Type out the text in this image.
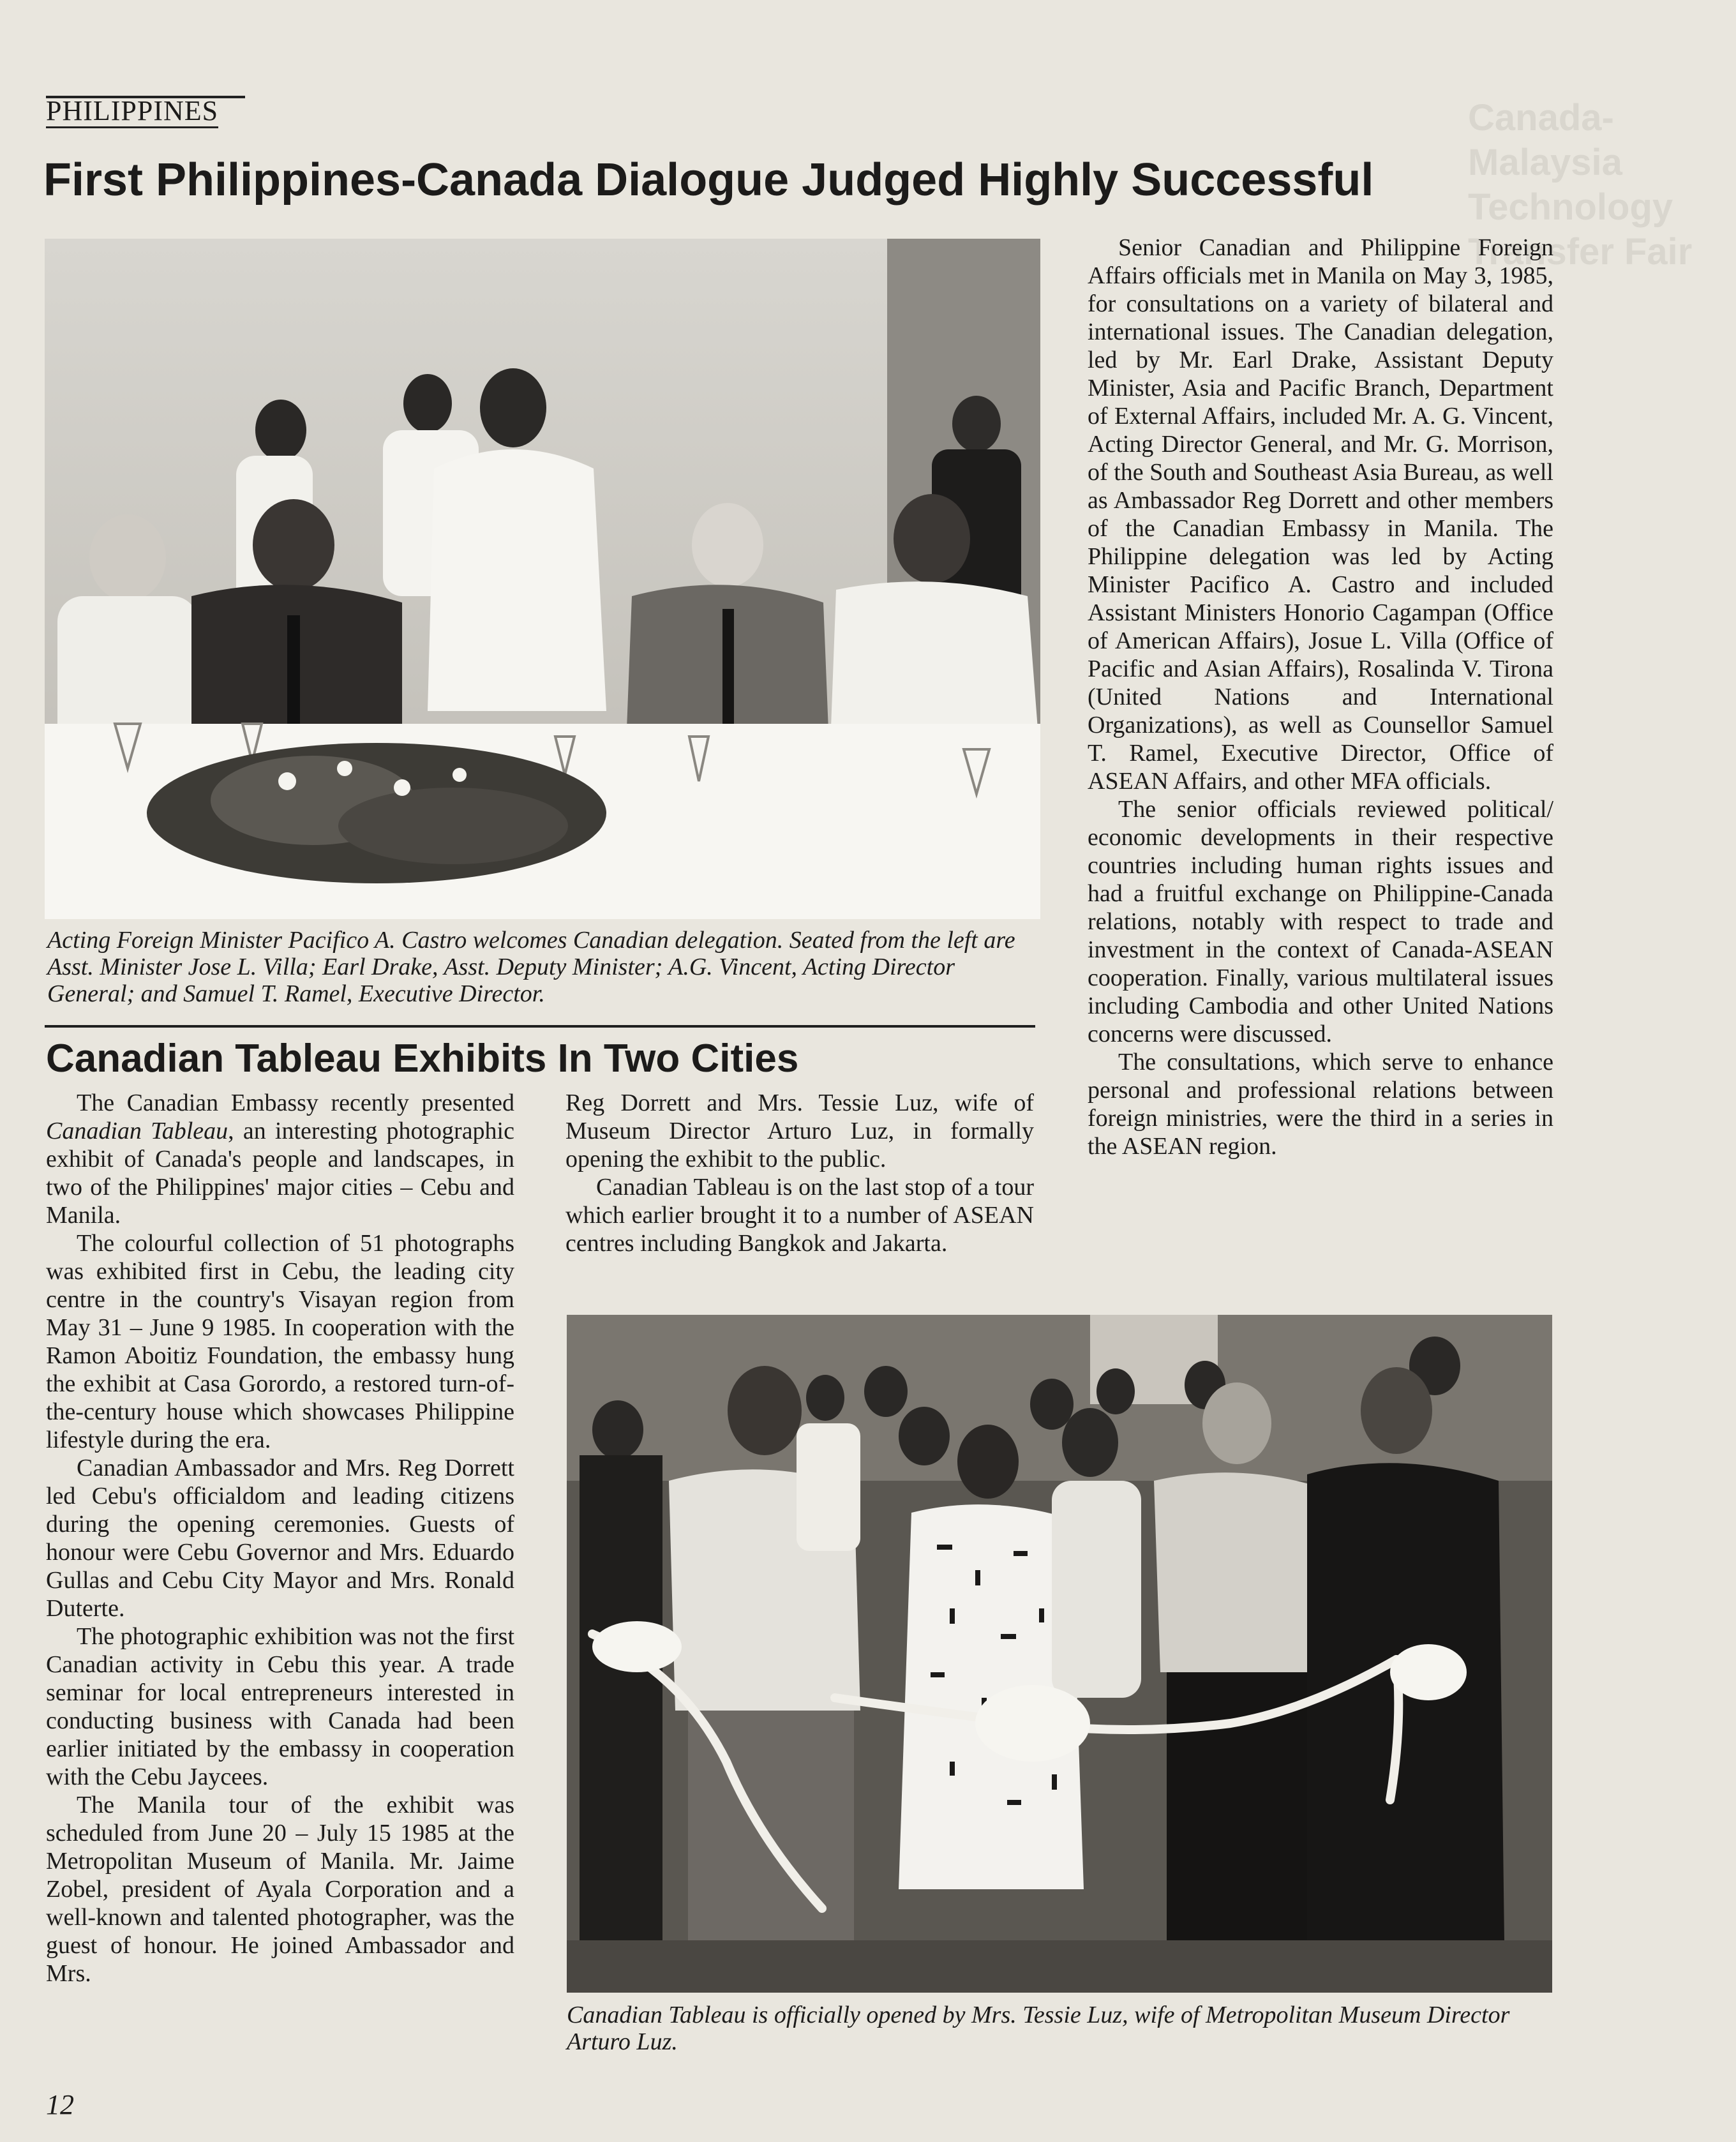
Canada-Malaysia Technology Transfer Fair
PHILIPPINES
First Philippines-Canada Dialogue Judged Highly Successful

Acting Foreign Minister Pacifico A. Castro welcomes Canadian delegation. Seated from the left are Asst. Minister Jose L. Villa; Earl Drake, Asst. Deputy Minister; A.G. Vincent, Acting Director General; and Samuel T. Ramel, Executive Director.

Canadian Tableau Exhibits In Two Cities

Senior Canadian and Philippine Foreign Affairs officials met in Manila on May 3, 1985, for consultations on a variety of bilateral and international issues. The Canadian delegation, led by Mr. Earl Drake, Assistant Deputy Minister, Asia and Pacific Branch, Department of External Affairs, included Mr. A. G. Vincent, Acting Director General, and Mr. G. Morrison, of the South and Southeast Asia Bureau, as well as Ambassador Reg Dorrett and other members of the Canadian Embassy in Manila. The Philippine delegation was led by Acting Minister Pacifico A. Castro and included Assistant Ministers Honorio Cagampan (Office of American Affairs), Josue L. Villa (Office of Pacific and Asian Affairs), Rosalinda V. Tirona (United Nations and International Organizations), as well as Counsellor Samuel T. Ramel, Executive Director, Office of ASEAN Affairs, and other MFA officials.

The senior officials reviewed political/ economic developments in their respective countries including human rights issues and had a fruitful exchange on Philippine-Canada relations, notably with respect to trade and investment in the context of Canada-ASEAN cooperation. Finally, various multilateral issues including Cambodia and other United Nations concerns were discussed.

The consultations, which serve to enhance personal and professional relations between foreign ministries, were the third in a series in the ASEAN region.

The Canadian Embassy recently presented Canadian Tableau, an interesting photographic exhibit of Canada's people and landscapes, in two of the Philippines' major cities – Cebu and Manila.

The colourful collection of 51 photographs was exhibited first in Cebu, the leading city centre in the country's Visayan region from May 31 – June 9 1985. In cooperation with the Ramon Aboitiz Foundation, the embassy hung the exhibit at Casa Gorordo, a restored turn-of-the-century house which showcases Philippine lifestyle during the era.

Canadian Ambassador and Mrs. Reg Dorrett led Cebu's officialdom and leading citizens during the opening ceremonies. Guests of honour were Cebu Governor and Mrs. Eduardo Gullas and Cebu City Mayor and Mrs. Ronald Duterte.

The photographic exhibition was not the first Canadian activity in Cebu this year. A trade seminar for local entrepreneurs interested in conducting business with Canada had been earlier initiated by the embassy in cooperation with the Cebu Jaycees.

The Manila tour of the exhibit was scheduled from June 20 – July 15 1985 at the Metropolitan Museum of Manila. Mr. Jaime Zobel, president of Ayala Corporation and a well-known and talented photographer, was the guest of honour. He joined Ambassador and Mrs.

Reg Dorrett and Mrs. Tessie Luz, wife of Museum Director Arturo Luz, in formally opening the exhibit to the public.

Canadian Tableau is on the last stop of a tour which earlier brought it to a number of ASEAN centres including Bangkok and Jakarta.

Canadian Tableau is officially opened by Mrs. Tessie Luz, wife of Metropolitan Museum Director Arturo Luz.

12
